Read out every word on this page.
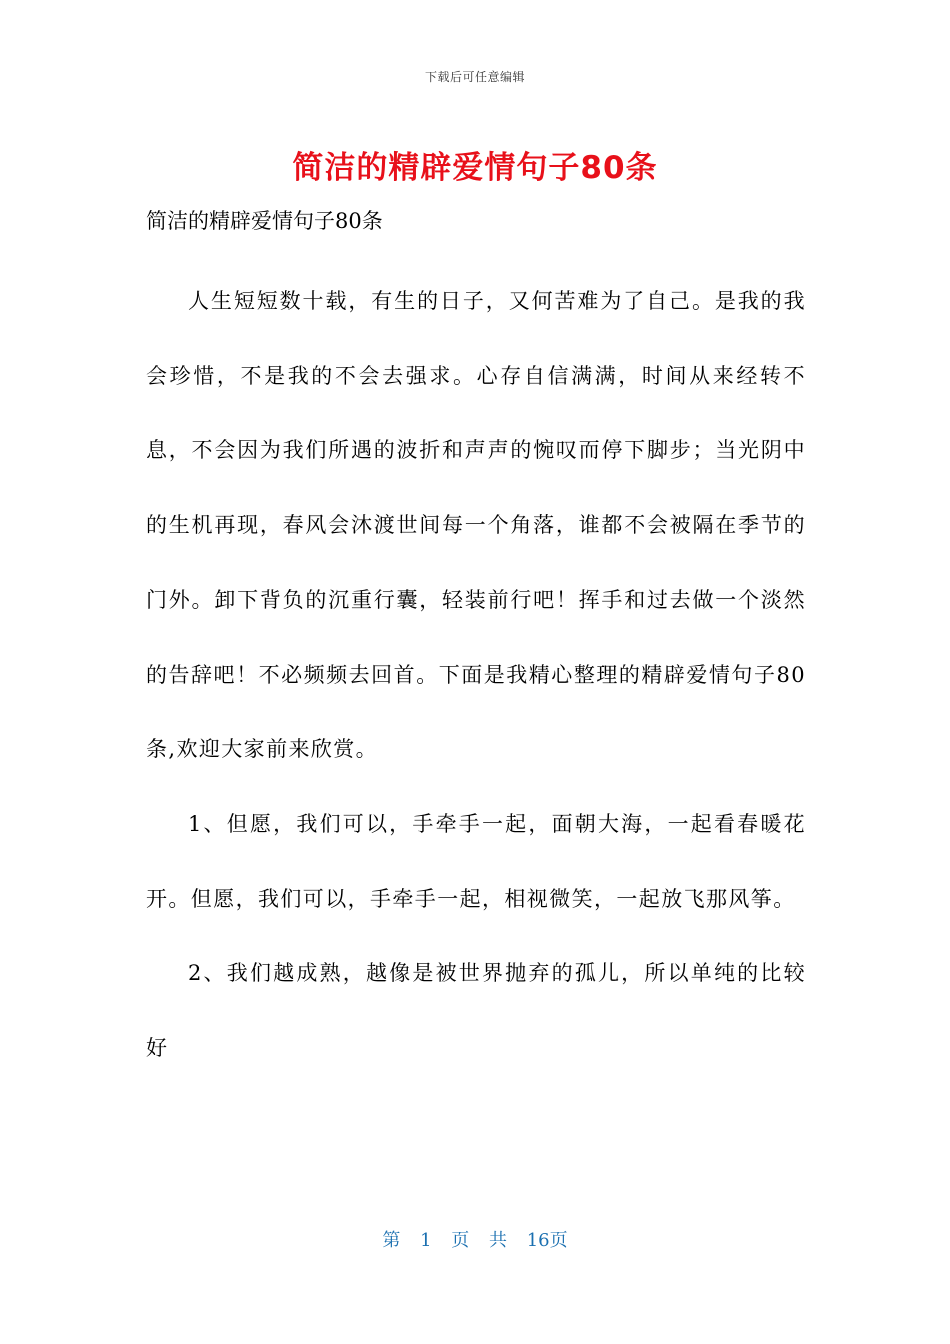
下载后可任意编辑
简洁的精辟爱情句子80条

简洁的精辟爱情句子80条

人生短短数十载，有生的日子，又何苦难为了自己。是我的我会珍惜，不是我的不会去强求。心存自信满满，时间从来经转不息，不会因为我们所遇的波折和声声的惋叹而停下脚步；当光阴中的生机再现，春风会沐渡世间每一个角落，谁都不会被隔在季节的门外。卸下背负的沉重行囊，轻装前行吧！挥手和过去做一个淡然的告辞吧！不必频频去回首。下面是我精心整理的精辟爱情句子80条,欢迎大家前来欣赏。

1、但愿，我们可以，手牵手一起，面朝大海，一起看春暖花开。但愿，我们可以，手牵手一起，相视微笑，一起放飞那风筝。

2、我们越成熟，越像是被世界抛弃的孤儿，所以单纯的比较好

第 1 页 共 16页
